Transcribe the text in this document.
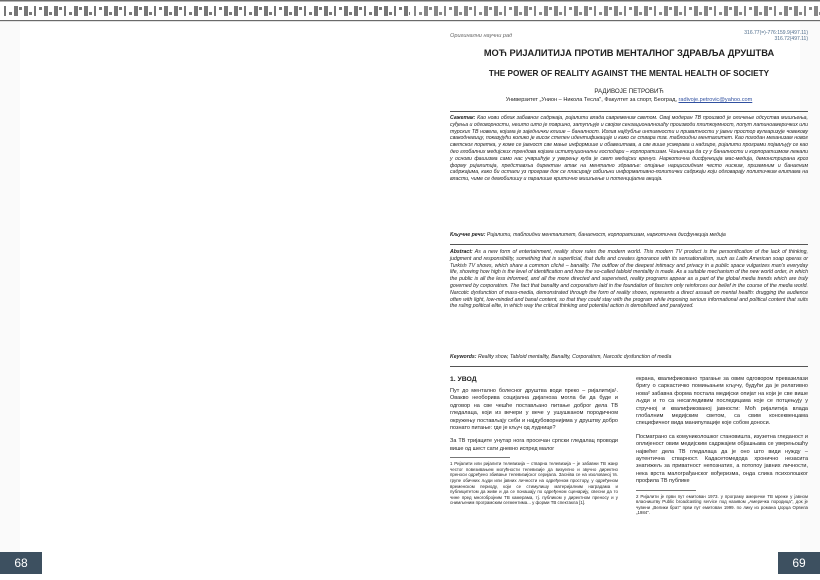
Оригинални научни рад	316.77(=)-776:159.9(497.11)
316.72(497.11)
МОЋ РИЈАЛИТИЈА ПРОТИВ МЕНТАЛНОГ ЗДРАВЉА ДРУШТВА
THE POWER OF REALITY AGAINST THE MENTAL HEALTH OF SOCIETY
РАДИВОЈЕ ПЕТРОВИЋ
Универзитет „Унион – Никола Тесла", Факултет за спорт, Београд, radivoje.petrovic@yahoo.com
Сажетак: Као нови облик забавног садржаја, ријалити влада савременим светом. Овај модеран ТВ производ је оличење одсуства мишљења, суђења и одговорности, нешто што је површно, затупљује и својом сензационалношћу производи плиткоумност, попут латиноамеричких или турских ТВ новела, којима је заједнички клише – баналност. Излив најдубље интимности и приватности у јавни простор вулгаризује човекову свакодневицу, показујући колико је висок степен идентификације и како се ствара тзв. таблоидни менталитет. Као погодан механизам новог светског поретка, у коме се јавност све мање информише и обавештава, а све више усмерава и надзире, ријалити програми појављују се као део глобалних медијских трендова којима иституционални господари – корпоратизам. Чињеница да су у баналности и корпоратизмом лежали у основи фашизма само нас учвршћује у уверењу куда је свет медијски кренуо. Наркотична дисфункција мас-медија, демонстрирана кроз форму ријалитија, представља директан атак на ментално здравље: опијање нарцисоидним често ниским, приземним и баналним садржајима, како би остали уз програм док се пласирају озбиљни информативно-политички садржаји који одговарају политичким елитама на власти, чиме се демобилишу и паралише критично мишљење и потенцијална акција.
Кључне речи: Ријалити, таблоидни менталитет, баналност, корпоратизам, наркотична дисфункција медија
Abstract: As a new form of entertainment, reality show rules the modern world. This modern TV product is the personification of the lack of thinking, judgment and responsibility, something that is superficial, that dulls and creates ignorance with its sensationalism, such as Latin American soap operas or Turkish TV shows, which share a common cliché – banality. The outflow of the deepest intimacy and privacy in a public space vulgarizes man's everyday life, showing how high is the level of identification and how the so-called tabloid mentality is made. As a suitable mechanism of the new world order, in which the public is all the less informed, and all the more directed and supervised, reality programs appear as a part of the global media trends which are truly governed by corporatism. The fact that banality and corporatism laid in the foundation of fascism only reinforces our belief in the course of the media world. Narcotic dysfunction of mass-media, demonstrated through the form of reality shows, represents a direct assault on mental health: drugging the audience often with light, low-minded and banal content, so that they could stay with the program while imposing serious informational and political content that suits the ruling political elite, in which way the critical thinking and potential action is demobilized and paralyzed.
Keywords: Reality show, Tabloid mentality, Banality, Corporatism, Narcotic dysfunction of media
1. УВОД
Пут до ментално болесног друштва води преко – ријалитија¹. Овакво необорива социјална дијагноза могла би да буде и одговор на све чешће постављано питање доброг дела ТВ гледалаца, који из вечери у вече у ушушканом породичном окружењу постављају себи и најдубоворнијима у друштву добро познато питање: где је кључ од луднице?
За ТВ тријаците унутар нога просечан српски гледалац проводи више од шест сати дневно испред малог
1 Ријалити или ријалити телевизија – стварна телевизија – је забавни ТВ жанр честог повезивањем могућности телевизије да визуелно и звучно директно преноси одређено збивање телевизијског серијала. Засніва се на изолованој тв. групе обичних људи или јавних личности на одређеном простору, у одређеном временском периоду, који се стимулишу материјалним наградама и публицитетом да живе и да се понашају по одређеном сценарију, свесни да то чине пред многобројним ТВ камерама, тј. публиком у директном преносу и у снимљеним програмским сегментима... у форми ТВ спектакла [1].
екрана, квалификовано трагање за овим одговором превазилази бригу о саркастичко помињањем кључу, будући да је релативно нова² забавна форма постала медијски опијат на који је све више људи и то са несагледивим последицама које се потцењују у стручној и квалификованој јавности: Моћ ријалитија влада глобалним медијским светом, са свим консеквенцама специфичног вида манипулације које собом доноси.
Посматрано са комуниколошког становишта, изузетна гледаност и оплијеност овим медијским садржајем објашњава се уверењошћу највећег дела ТВ гледалаца да је оно што види нужду – аутентична стварност. Кадасетомедода хронично незасита знатижељ за приватност непознатих, а потопоу јавних личности, нека врста малограђанског вођеризма, онда слика психолошког профила ТВ публике
2 Ријалити је први пут емитован 1973. у програму америчке ТВ мреже у јавном власништву Public broadcasting service под називом „Америчка породица", док је чувени „Велики брат" први пут емитован 1999. по лику из романа Џорџа Орвела „1984".
68	69
